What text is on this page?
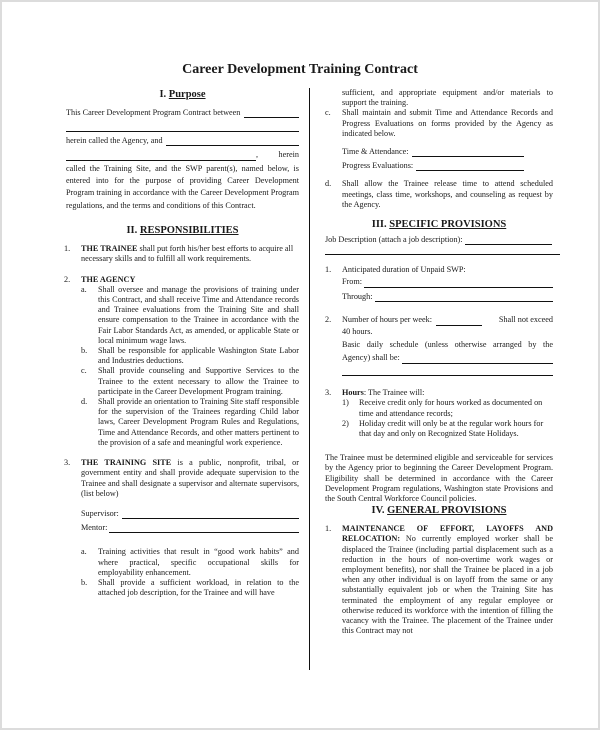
Career Development Training Contract
I. Purpose
This Career Development Program Contract between
herein called the Agency, and
, herein

called the Training Site, and the SWP parent(s), named below, is entered into for the purpose of providing Career Development Program training in accordance with the Career Development Program regulations, and the terms and conditions of this Contract.

II. RESPONSIBILITIES
1. THE TRAINEE shall put forth his/her best efforts to acquire all necessary skills and to fulfill all work requirements.
2. THE AGENCY
a. Shall oversee and manage the provisions of training under this Contract, and shall receive Time and Attendance records and Trainee evaluations from the Training Site and shall ensure compensation to the Trainee in accordance with the Fair Labor Standards Act, as amended, or applicable State or local minimum wage laws.
b. Shall be responsible for applicable Washington State Labor and Industries deductions.
c. Shall provide counseling and Supportive Services to the Trainee to the extent necessary to allow the Trainee to participate in the Career Development Program training.
d. Shall provide an orientation to Training Site staff responsible for the supervision of the Trainees regarding Child labor laws, Career Development Program Rules and Regulations, Time and Attendance Records, and other matters pertinent to the provision of a safe and meaningful work experience.
3. THE TRAINING SITE is a public, nonprofit, tribal, or government entity and shall provide adequate supervision to the Trainee and shall designate a supervisor and alternate supervisors, (list below)
Supervisor:
Mentor:
a. Training activities that result in “good work habits” and where practical, specific occupational skills for employability enhancement.
b. Shall provide a sufficient workload, in relation to the attached job description, for the Trainee and will have
sufficient, and appropriate equipment and/or materials to support the training.
c. Shall maintain and submit Time and Attendance Records and Progress Evaluations on forms provided by the Agency as indicated below.
Time & Attendance:
Progress Evaluations:
d. Shall allow the Trainee release time to attend scheduled meetings, class time, workshops, and counseling as request by the Agency.
III. SPECIFIC PROVISIONS
Job Description (attach a job description):
1. Anticipated duration of Unpaid SWP:
From:
Through:
2. Number of hours per week:	Shall not exceed
40 hours.
Basic daily schedule (unless otherwise arranged by the
Agency) shall be:
3. Hours: The Trainee will:
1) Receive credit only for hours worked as documented on time and attendance records;
2) Holiday credit will only be at the regular work hours for that day and only on Recognized State Holidays.

The Trainee must be determined eligible and serviceable for services by the Agency prior to beginning the Career Development Program. Eligibility shall be determined in accordance with the Career Development Program regulations, Washington state Provisions and the South Central Workforce Council policies.

IV. GENERAL PROVISIONS
1. MAINTENANCE OF EFFORT, LAYOFFS AND RELOCATION: No currently employed worker shall be displaced the Trainee (including partial displacement such as a reduction in the hours of non-overtime work wages or employment benefits), nor shall the Trainee be placed in a job when any other individual is on layoff from the same or any substantially equivalent job or when the Training Site has terminated the employment of any regular employee or otherwise reduced its workforce with the intention of filling the vacancy with the Trainee. The placement of the Trainee under this Contract may not
